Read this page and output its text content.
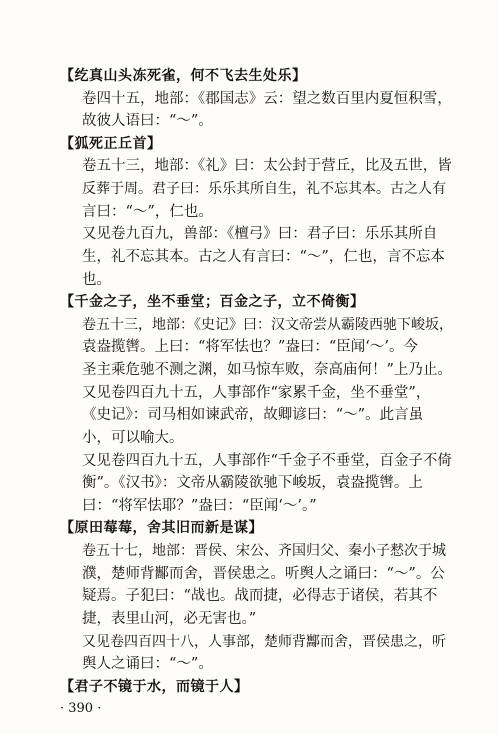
【纥真山头冻死雀，何不飞去生处乐】
卷四十五，地部：《郡国志》云：望之数百里内夏恒积雪，
故彼人语曰：“～”。
【狐死正丘首】
卷五十三，地部：《礼》曰：太公封于营丘，比及五世，皆
反葬于周。君子曰：乐乐其所自生，礼不忘其本。古之人有
言曰：“～”，仁也。
又见卷九百九，兽部：《檀弓》曰：君子曰：乐乐其所自
生，礼不忘其本。古之人有言曰：“～”，仁也，言不忘本
也。
【千金之子，坐不垂堂；百金之子，立不倚衡】
卷五十三，地部：《史记》曰：汉文帝尝从霸陵西驰下峻坂，
袁盎揽辔。上曰：“将军怯也？”盎曰：“臣闻‘～’。今
圣主乘危驰不测之渊，如马惊车败，奈高庙何！”上乃止。
又见卷四百九十五，人事部作“家累千金，坐不垂堂”，
《史记》：司马相如谏武帝，故卿谚曰：“～”。此言虽
小，可以喻大。
又见卷四百九十五，人事部作“千金子不垂堂，百金子不倚
衡”。《汉书》：文帝从霸陵欲驰下峻坂，袁盎揽辔。上
曰：“将军怯耶？”盎曰：“臣闻‘～’。”
【原田莓莓，舍其旧而新是谋】
卷五十七，地部：晋侯、宋公、齐国归父、秦小子慭次于城
濮，楚师背酅而舍，晋侯患之。听舆人之诵曰：“～”。公
疑焉。子犯曰：“战也。战而捷，必得志于诸侯，若其不
捷，表里山河，必无害也。”
又见卷四百四十八，人事部，楚师背酅而舍，晋侯患之，听
舆人之诵曰：“～”。
【君子不镜于水，而镜于人】
· 390 ·
